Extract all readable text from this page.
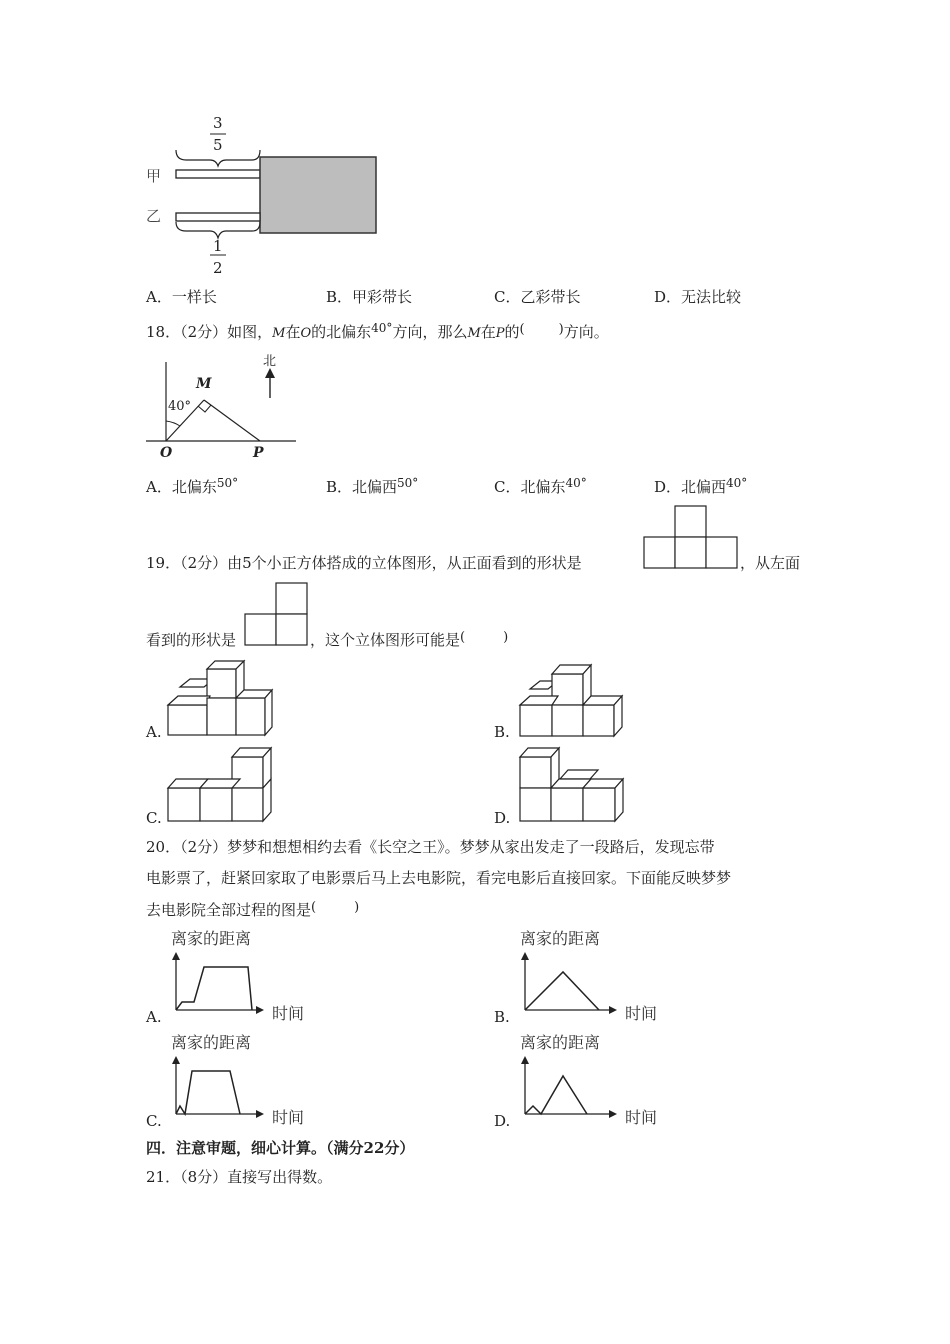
3
5
1
2
甲
乙
A．一样长	B．甲彩带长	C．乙彩带长	D．无法比较
18．（2分）如图，M在O的北偏东$^{40^\circ}$方向，那么M在P的(	)方向。
北
M
40°
O	P
A．北偏东$^{50^\circ}$	B．北偏西$^{50^\circ}$	C．北偏东$^{40^\circ}$	D．北偏西$^{40^\circ}$
19．（2分）由5个小正方体搭成的立体图形，从正面看到的形状是	，从左面
看到的形状是	，这个立体图形可能是(	)
A.	B.
C.	D.
20．（2分）梦梦和想想相约去看《长空之王》。梦梦从家出发走了一段路后，发现忘带
电影票了，赶紧回家取了电影票后马上去电影院，看完电影后直接回家。下面能反映梦梦
去电影院全部过程的图是(	)
离家的距离
时间
A.
离家的距离
时间
B.
离家的距离
时间
C.
离家的距离
时间
D.
四．注意审题，细心计算。（满分22分）
21．（8分）直接写出得数。
